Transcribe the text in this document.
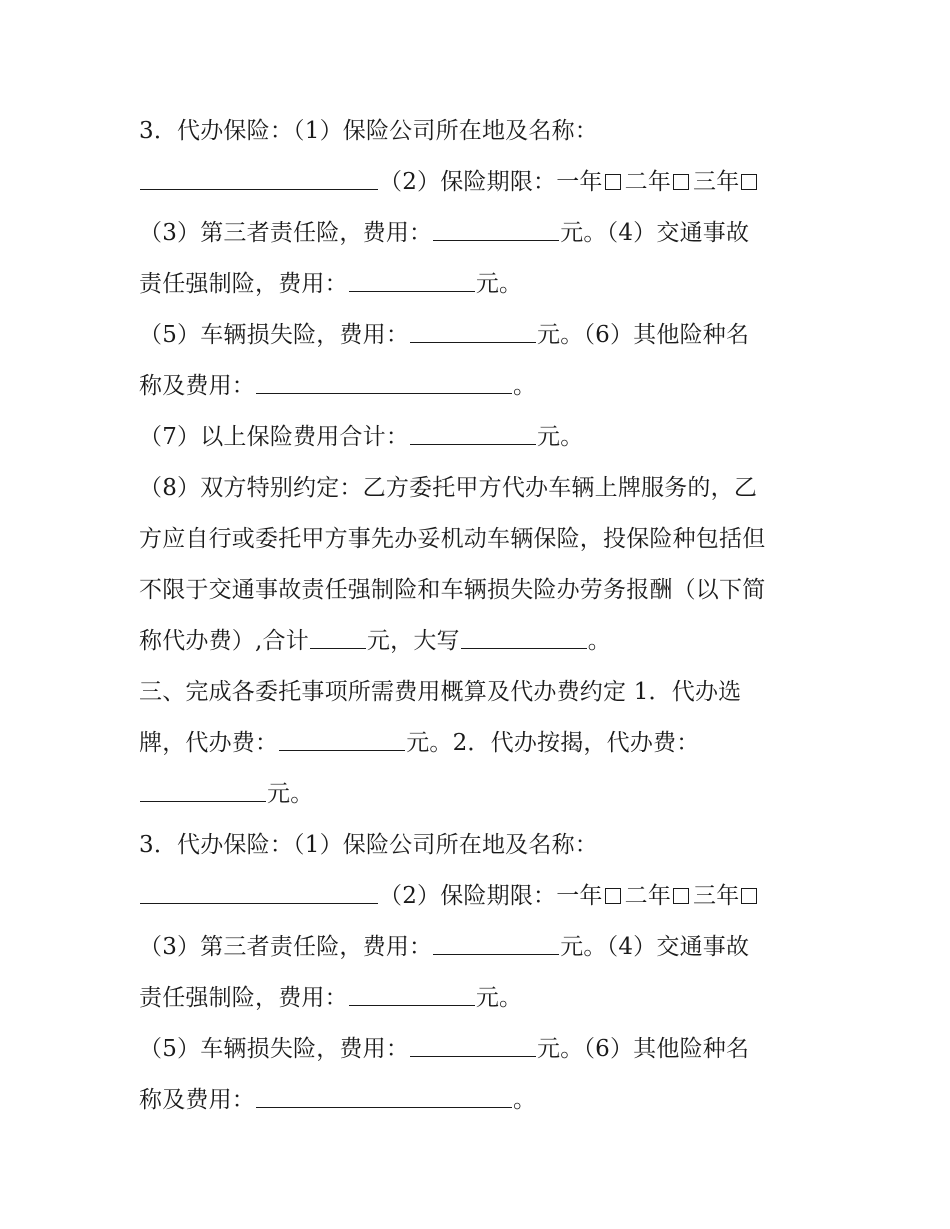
3．代办保险：（1）保险公司所在地及名称：
（2）保险期限：一年 二年 三年
（3）第三者责任险，费用：	元。（4）交通事故
责任强制险，费用：	元。
（5）车辆损失险，费用：	元。（6）其他险种名
称及费用：	。
（7）以上保险费用合计：	元。
（8）双方特别约定：乙方委托甲方代办车辆上牌服务的，乙
方应自行或委托甲方事先办妥机动车辆保险，投保险种包括但
不限于交通事故责任强制险和车辆损失险办劳务报酬（以下简
称代办费）,合计	元，大写	。
三、完成各委托事项所需费用概算及代办费约定 1．代办选
牌，代办费：	元。2．代办按揭，代办费：
元。
3．代办保险：（1）保险公司所在地及名称：
（2）保险期限：一年 二年 三年
（3）第三者责任险，费用：	元。（4）交通事故
责任强制险，费用：	元。
（5）车辆损失险，费用：	元。（6）其他险种名
称及费用：	。
